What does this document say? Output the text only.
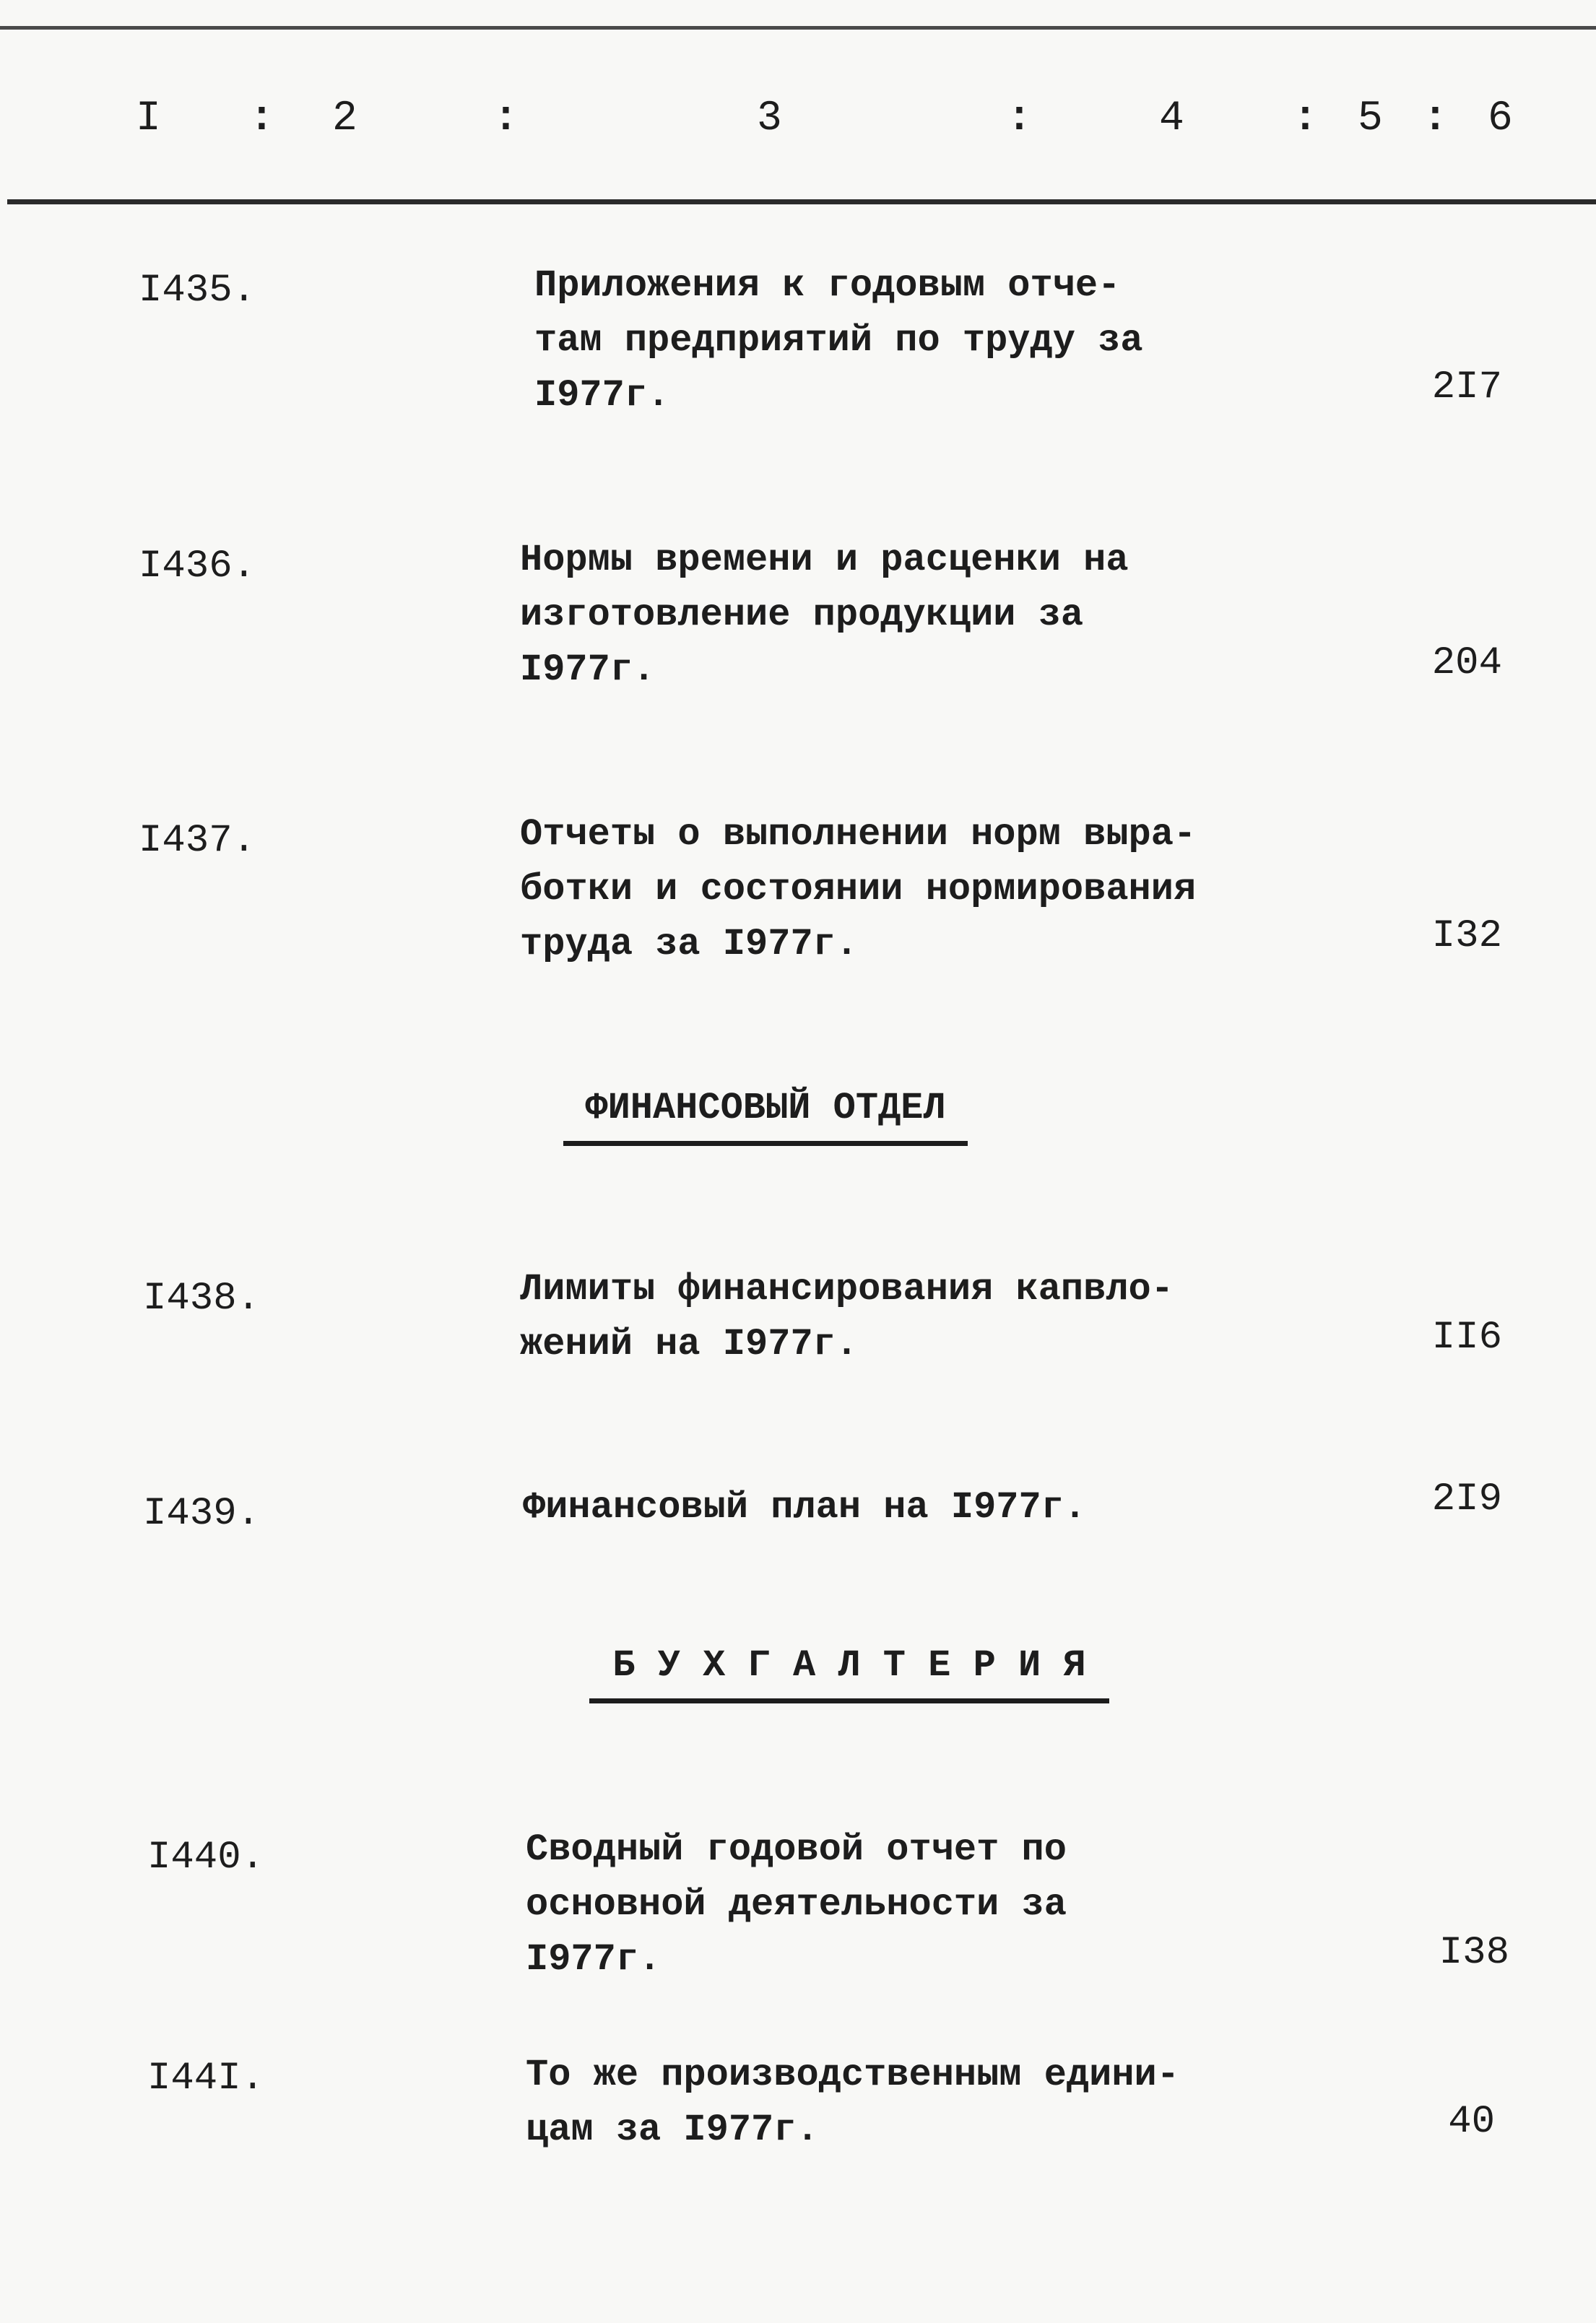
I : 2	:	3	:	4	: 5 : 6
I435.	Приложения к годовым отче-
там предприятий по труду за
I977г.	2I7
I436.	Нормы времени и расценки на
изготовление продукции за
I977г.	204
I437.	Отчеты о выполнении норм выра-
ботки и состоянии нормирования
труда за I977г.	I32
ФИНАНСОВЫЙ ОТДЕЛ
I438.	Лимиты финансирования капвло-
жений на I977г.	II6
I439.	Финансовый план на I977г.	2I9
Б У Х Г А Л Т Е Р И Я
I440.	Сводный годовой отчет по
основной деятельности за
I977г.	I38
I44I.	То же производственным едини-
цам за I977г.	40
